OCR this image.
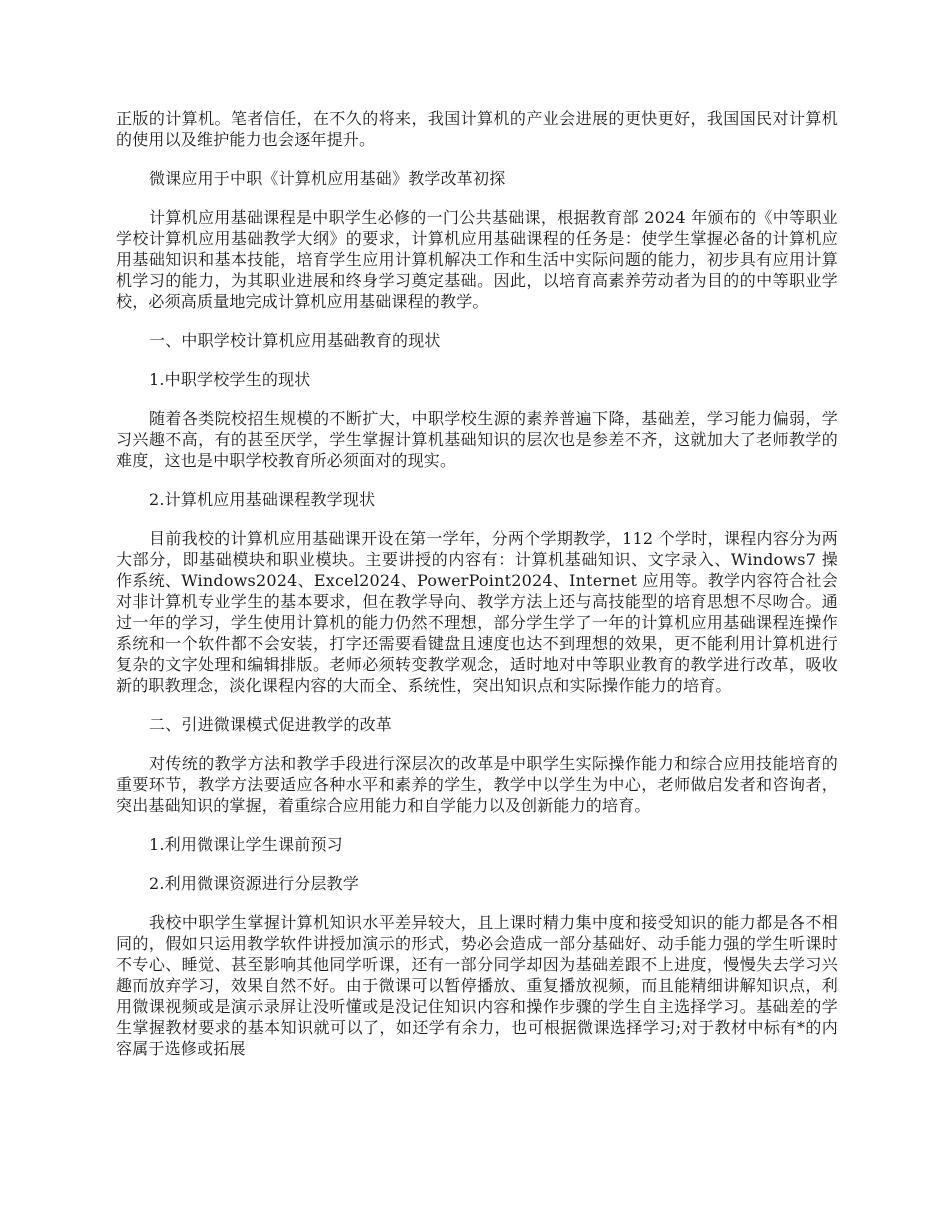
正版的计算机。笔者信任，在不久的将来，我国计算机的产业会进展的更快更好，我国国民对计算机的使用以及维护能力也会逐年提升。

微课应用于中职《计算机应用基础》教学改革初探

计算机应用基础课程是中职学生必修的一门公共基础课，根据教育部 2024 年颁布的《中等职业学校计算机应用基础教学大纲》的要求，计算机应用基础课程的任务是：使学生掌握必备的计算机应用基础知识和基本技能，培育学生应用计算机解决工作和生活中实际问题的能力，初步具有应用计算机学习的能力，为其职业进展和终身学习奠定基础。因此，以培育高素养劳动者为目的的中等职业学校，必须高质量地完成计算机应用基础课程的教学。

一、中职学校计算机应用基础教育的现状

1.中职学校学生的现状

随着各类院校招生规模的不断扩大，中职学校生源的素养普遍下降，基础差，学习能力偏弱，学习兴趣不高，有的甚至厌学，学生掌握计算机基础知识的层次也是参差不齐，这就加大了老师教学的难度，这也是中职学校教育所必须面对的现实。

2.计算机应用基础课程教学现状

目前我校的计算机应用基础课开设在第一学年，分两个学期教学，112 个学时，课程内容分为两大部分，即基础模块和职业模块。主要讲授的内容有：计算机基础知识、文字录入、Windows7 操作系统、Windows2024、Excel2024、PowerPoint2024、Internet 应用等。教学内容符合社会对非计算机专业学生的基本要求，但在教学导向、教学方法上还与高技能型的培育思想不尽吻合。通过一年的学习，学生使用计算机的能力仍然不理想，部分学生学了一年的计算机应用基础课程连操作系统和一个软件都不会安装，打字还需要看键盘且速度也达不到理想的效果，更不能利用计算机进行复杂的文字处理和编辑排版。老师必须转变教学观念，适时地对中等职业教育的教学进行改革，吸收新的职教理念，淡化课程内容的大而全、系统性，突出知识点和实际操作能力的培育。

二、引进微课模式促进教学的改革

对传统的教学方法和教学手段进行深层次的改革是中职学生实际操作能力和综合应用技能培育的重要环节，教学方法要适应各种水平和素养的学生，教学中以学生为中心，老师做启发者和咨询者，突出基础知识的掌握，着重综合应用能力和自学能力以及创新能力的培育。

1.利用微课让学生课前预习

2.利用微课资源进行分层教学

我校中职学生掌握计算机知识水平差异较大，且上课时精力集中度和接受知识的能力都是各不相同的，假如只运用教学软件讲授加演示的形式，势必会造成一部分基础好、动手能力强的学生听课时不专心、睡觉、甚至影响其他同学听课，还有一部分同学却因为基础差跟不上进度，慢慢失去学习兴趣而放弃学习，效果自然不好。由于微课可以暂停播放、重复播放视频，而且能精细讲解知识点，利用微课视频或是演示录屏让没听懂或是没记住知识内容和操作步骤的学生自主选择学习。基础差的学生掌握教材要求的基本知识就可以了，如还学有余力，也可根据微课选择学习;对于教材中标有*的内容属于选修或拓展
